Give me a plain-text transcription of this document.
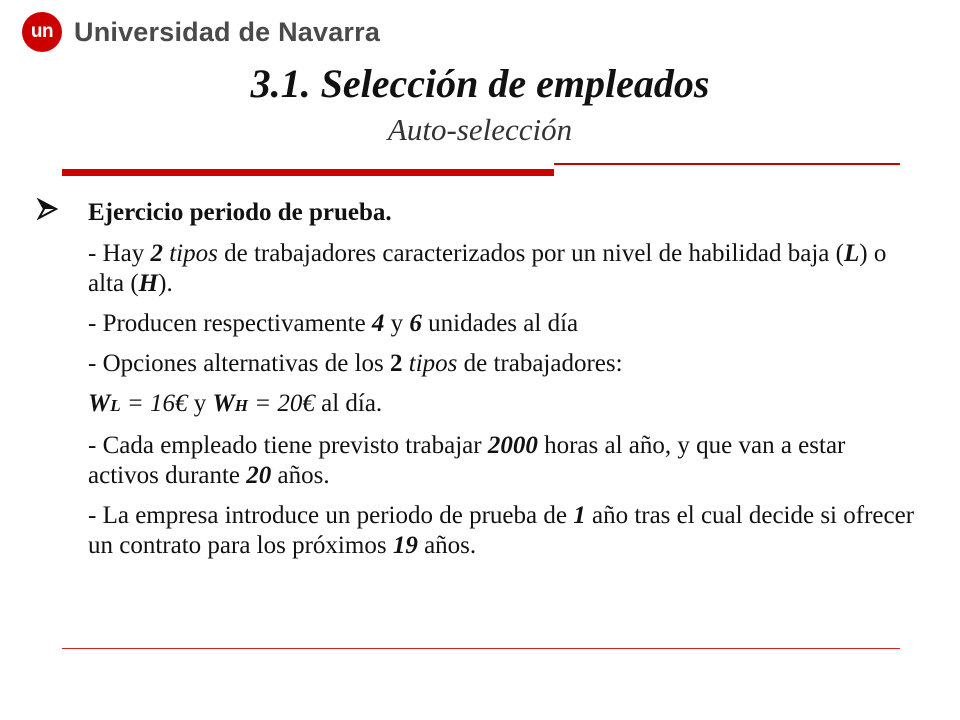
un Universidad de Navarra
3.1. Selección de empleados
Auto-selección
Ejercicio periodo de prueba.
- Hay 2 tipos de trabajadores caracterizados por un nivel de habilidad baja (L) o alta (H).
- Producen respectivamente 4 y 6 unidades al día
- Opciones alternativas de los 2 tipos de trabajadores:
WL = 16€ y WH = 20€ al día.
- Cada empleado tiene previsto trabajar 2000 horas al año, y que van a estar activos durante 20 años.
- La empresa introduce un periodo de prueba de 1 año tras el cual decide si ofrecer un contrato para los próximos 19 años.
